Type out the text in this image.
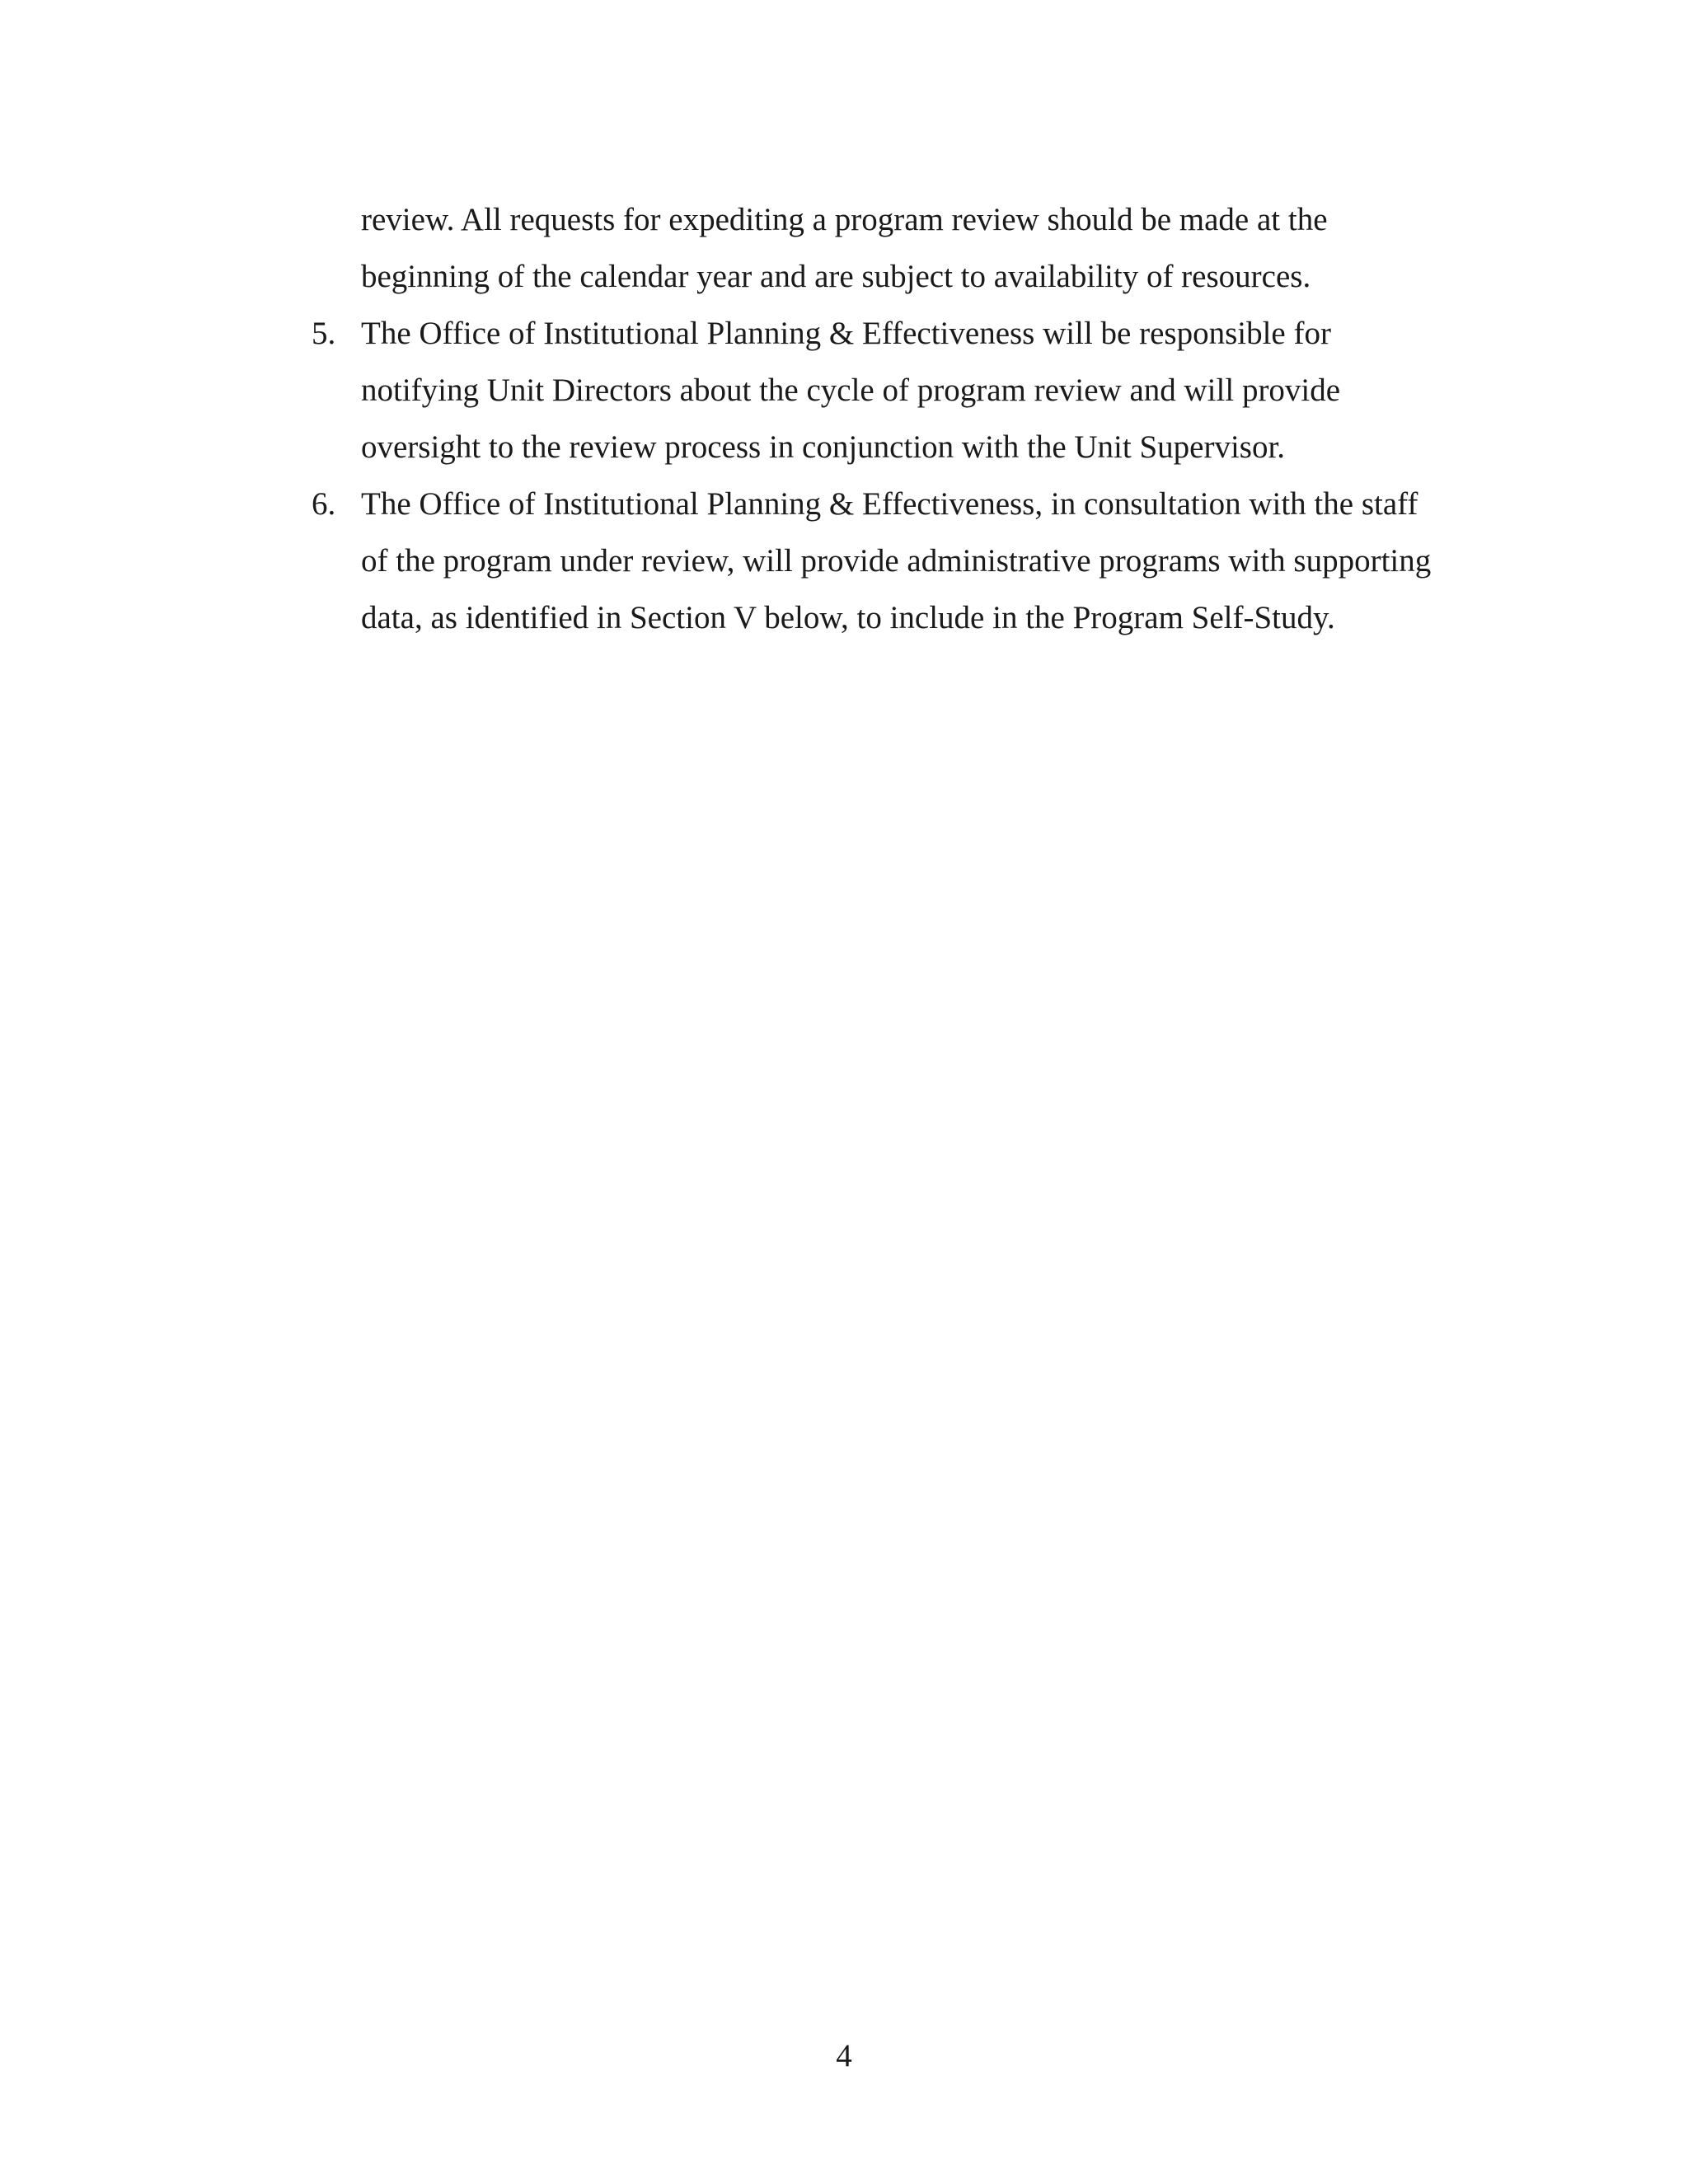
review. All requests for expediting a program review should be made at the
beginning of the calendar year and are subject to availability of resources.
5. The Office of Institutional Planning & Effectiveness will be responsible for
notifying Unit Directors about the cycle of program review and will provide
oversight to the review process in conjunction with the Unit Supervisor.
6. The Office of Institutional Planning & Effectiveness, in consultation with the staff
of the program under review, will provide administrative programs with supporting
data, as identified in Section V below, to include in the Program Self-Study.
4
